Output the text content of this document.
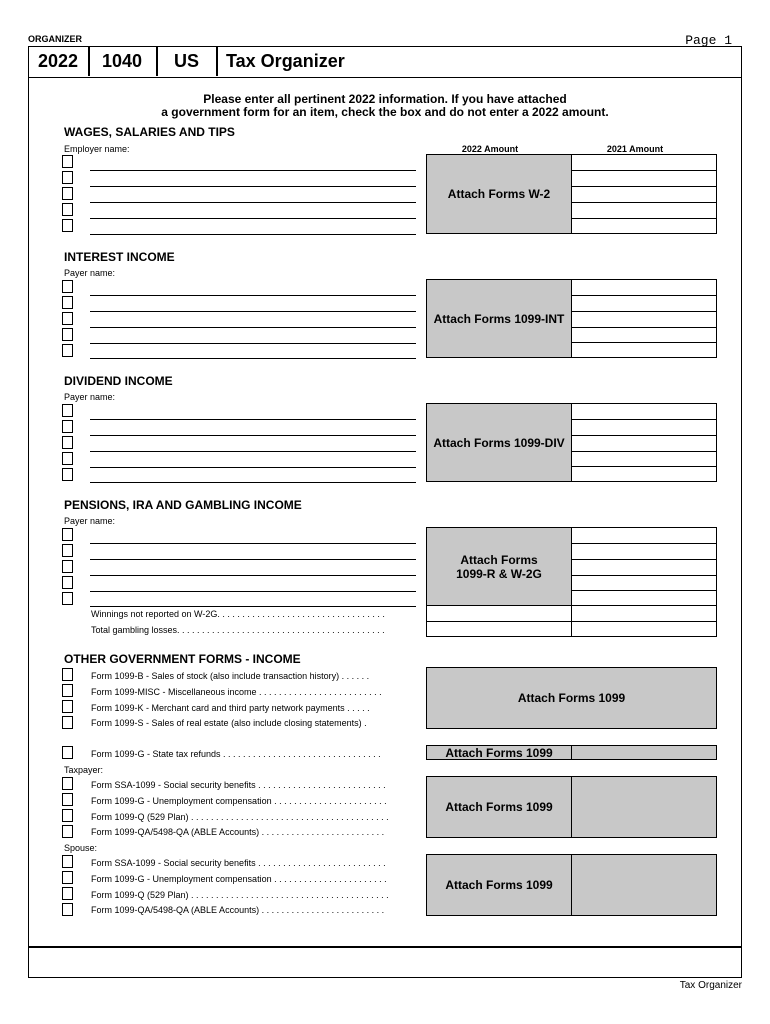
ORGANIZER	Page 1
2022 1040 US Tax Organizer
Please enter all pertinent 2022 information. If you have attached
a government form for an item, check the box and do not enter a 2022 amount.
WAGES, SALARIES AND TIPS
Employer name:	2022 Amount	2021 Amount
Attach Forms W-2
INTEREST INCOME
Payer name:
Attach Forms 1099-INT
DIVIDEND INCOME
Payer name:
Attach Forms 1099-DIV
PENSIONS, IRA AND GAMBLING INCOME
Payer name:
Attach Forms
1099-R & W-2G
Winnings not reported on W-2G. . . . . . . . . . . . . . . . . . . . . . . . . . . . . . . . . .
Total gambling losses. . . . . . . . . . . . . . . . . . . . . . . . . . . . . . . . . . . . . . . . . .
OTHER GOVERNMENT FORMS - INCOME
Form 1099-B - Sales of stock (also include transaction history) . . . . . .
Form 1099-MISC - Miscellaneous income . . . . . . . . . . . . . . . . . . . . . . . . .
Form 1099-K - Merchant card and third party network payments . . . . .
Form 1099-S - Sales of real estate (also include closing statements) .
Attach Forms 1099
Form 1099-G - State tax refunds . . . . . . . . . . . . . . . . . . . . . . . . . . . . . . . .	Attach Forms 1099
Taxpayer:
Form SSA-1099 - Social security benefits . . . . . . . . . . . . . . . . . . . . . . . . . .
Form 1099-G - Unemployment compensation . . . . . . . . . . . . . . . . . . . . . . .
Form 1099-Q (529 Plan) . . . . . . . . . . . . . . . . . . . . . . . . . . . . . . . . . . . . . . . .
Form 1099-QA/5498-QA (ABLE Accounts) . . . . . . . . . . . . . . . . . . . . . . . . .
Attach Forms 1099
Spouse:
Form SSA-1099 - Social security benefits . . . . . . . . . . . . . . . . . . . . . . . . . .
Form 1099-G - Unemployment compensation . . . . . . . . . . . . . . . . . . . . . . .
Form 1099-Q (529 Plan) . . . . . . . . . . . . . . . . . . . . . . . . . . . . . . . . . . . . . . . .
Form 1099-QA/5498-QA (ABLE Accounts) . . . . . . . . . . . . . . . . . . . . . . . . .
Attach Forms 1099
Tax Organizer
